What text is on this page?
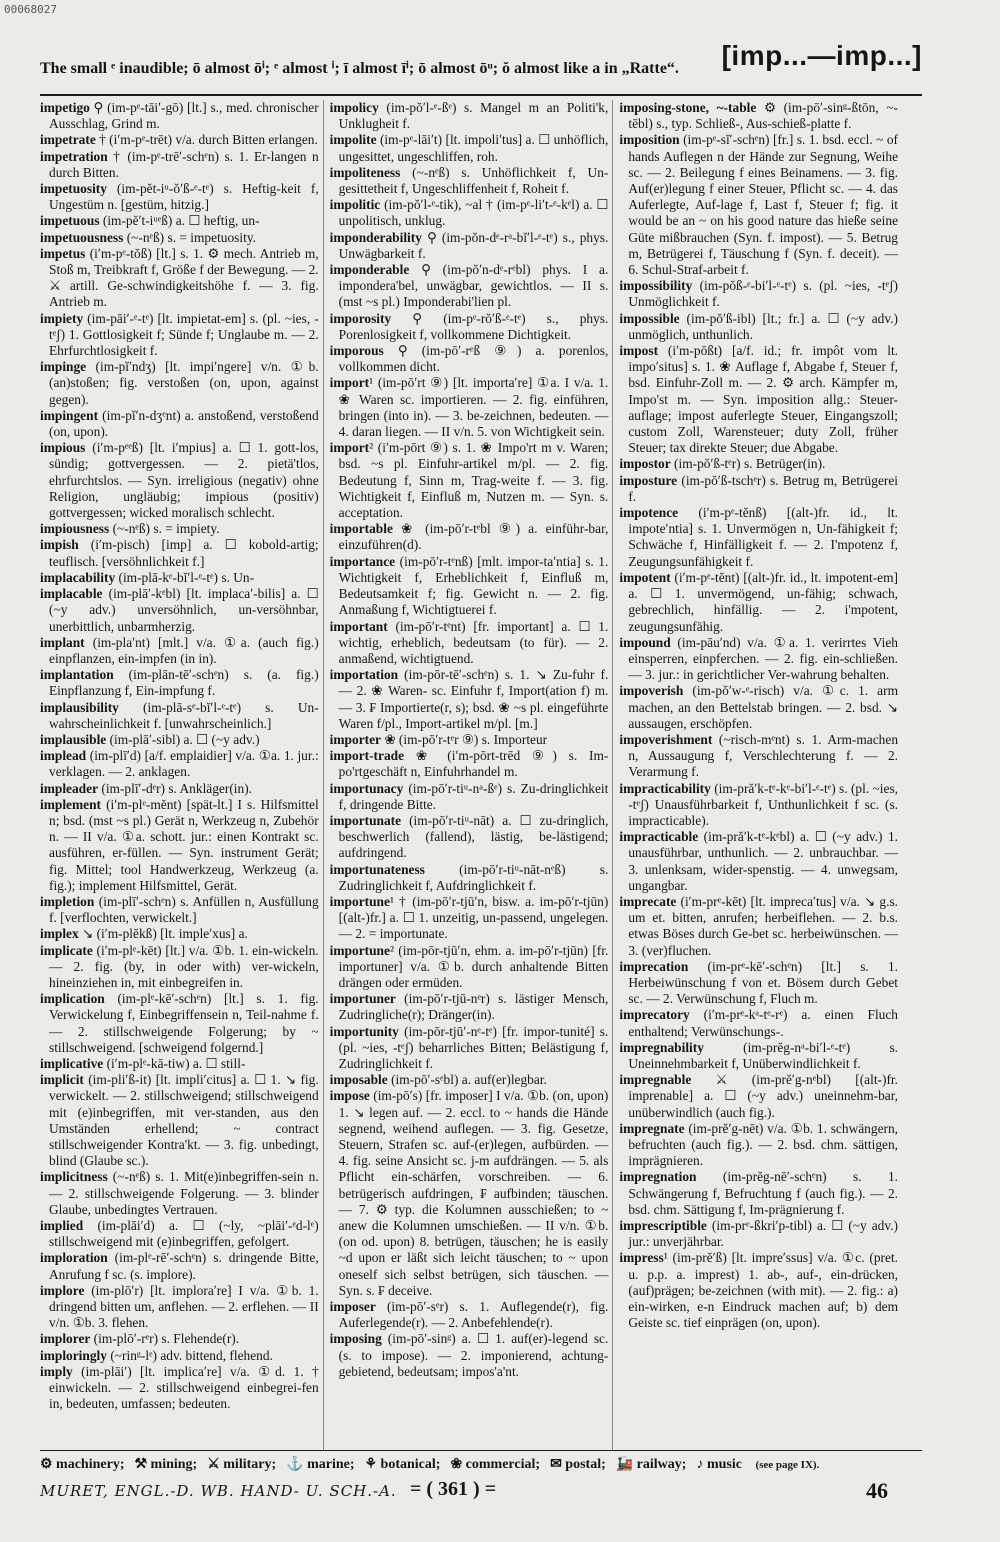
00068027
The small ᵉ inaudible; ō almost ōⁱ; ᵉ almost ⁱ; ī almost īⁱ; ō almost ōᵘ; ŏ almost like a in „Ratte“.	[imp...—imp...]

impetigo ⚲ (im-pᵉ-tāiʹ-gō) [lt.] s., med. chronischer Ausschlag, Grind m.

impetrate † (iʹm-pᵉ-trēt) v/a. durch Bitten erlangen.

impetration † (im-pᵉ-trēʹ-schᵉn) s. 1. Er-langen n durch Bitten.

impetuosity (im-pĕt-iᵘ-ŏʹß-ᵉ-tᵉ) s. Heftig-keit f, Ungestüm n. [gestüm, hitzig.]

impetuous (im-pĕʹt-iᵘᵉß) a. ☐ heftig, un-

impetuousness (~-nᵉß) s. = impetuosity.

impetus (iʹm-pᵉ-tŏß) [lt.] s. 1. ⚙ mech. Antrieb m, Stoß m, Treibkraft f, Größe f der Bewegung. — 2. ⚔ artill. Ge-schwindigkeitshöhe f. — 3. fig. Antrieb m.

impiety (im-pāiʹ-ᵉ-tᵉ) [lt. impietat-em] s. (pl. ~ies, -tᵉʃ) 1. Gottlosigkeit f; Sünde f; Unglaube m. — 2. Ehrfurchtlosigkeit f.

impinge (im-pĭʹndʒ) [lt. impiʹngere] v/n. ①b. (an)stoßen; fig. verstoßen (on, upon, against gegen).

impingent (im-pĭʹn-dʒᵉnt) a. anstoßend, verstoßend (on, upon).

impious (iʹm-pᵉᵉß) [lt. iʹmpius] a. ☐ 1. gott-los, sündig; gottvergessen. — 2. pietä'tlos, ehrfurchtslos. — Syn. irreligious (negativ) ohne Religion, ungläubig; impious (positiv) gottvergessen; wicked moralisch schlecht.

impiousness (~-nᵉß) s. = impiety.

impish (iʹm-pisch) [imp] a. ☐ kobold-artig; teuflisch. [versöhnlichkeit f.]

implacability (im-plā-kᵉ-bĭʹl-ᵉ-tᵉ) s. Un-

implacable (im-plāʹ-kᵉbl) [lt. implacaʹ-bilis] a. ☐ (~y adv.) unversöhnlich, un-versöhnbar, unerbittlich, unbarmherzig.

implant (im-plaʹnt) [mlt.] v/a. ①a. (auch fig.) einpflanzen, ein-impfen (in in).

implantation (im-plān-tēʹ-schᵉn) s. (a. fig.) Einpflanzung f, Ein-impfung f.

implausibility (im-plā-sᵉ-bĭʹl-ᵉ-tᵉ) s. Un-wahrscheinlichkeit f. [unwahrscheinlich.]

implausible (im-plāʹ-sibl) a. ☐ (~y adv.)

implead (im-plīʹd) [a/f. emplaidier] v/a. ①a. 1. jur.: verklagen. — 2. anklagen.

impleader (im-plīʹ-dᵉr) s. Ankläger(in).

implement (iʹm-plᵉ-mĕnt) [spät-lt.] I s. Hilfsmittel n; bsd. (mst ~s pl.) Gerät n, Werkzeug n, Zubehör n. — II v/a. ①a. schott. jur.: einen Kontrakt sc. ausführen, er-füllen. — Syn. instrument Gerät; fig. Mittel; tool Handwerkzeug, Werkzeug (a. fig.); implement Hilfsmittel, Gerät.

impletion (im-plīʹ-schᵉn) s. Anfüllen n, Ausfüllung f. [verflochten, verwickelt.]

implex ↘ (iʹm-plĕkß) [lt. impleʹxus] a.

implicate (iʹm-plᵉ-kēt) [lt.] v/a. ①b. 1. ein-wickeln. — 2. fig. (by, in oder with) ver-wickeln, hineinziehen in, mit einbegreifen in.

implication (im-plᵉ-kēʹ-schᵉn) [lt.] s. 1. fig. Verwickelung f, Einbegriffensein n, Teil-nahme f. — 2. stillschweigende Folgerung; by ~ stillschweigend. [schweigend folgernd.]

implicative (iʹm-plᵉ-kā-tiw) a. ☐ still-

implicit (im-pliʹß-it) [lt. impliʹcitus] a. ☐ 1. ↘ fig. verwickelt. — 2. stillschweigend; stillschweigend mit (e)inbegriffen, mit ver-standen, aus den Umständen erhellend; ~ contract stillschweigender Kontra'kt. — 3. fig. unbedingt, blind (Glaube sc.).

implicitness (~-nᵉß) s. 1. Mit(e)inbegriffen-sein n. — 2. stillschweigende Folgerung. — 3. blinder Glaube, unbedingtes Vertrauen.

implied (im-plāiʹd) a. ☐ (~ly, ~plāiʹ-ᵉd-lᵉ) stillschweigend mit (e)inbegriffen, gefolgert.

imploration (im-plᵉ-rēʹ-schᵉn) s. dringende Bitte, Anrufung f sc. (s. implore).

implore (im-plōʹr) [lt. imploraʹre] I v/a. ①b. 1. dringend bitten um, anflehen. — 2. erflehen. — II v/n. ①b. 3. flehen.

implorer (im-plōʹ-rᵉr) s. Flehende(r).

imploringly (~rinᵍ-lᵉ) adv. bittend, flehend.

imply (im-plāiʹ) [lt. implicaʹre] v/a. ①d. 1. † einwickeln. — 2. stillschweigend einbegrei-fen in, bedeuten, umfassen; bedeuten.

impolicy (im-pŏʹl-ᵉ-ßᵉ) s. Mangel m an Politi'k, Unklugheit f.

impolite (im-pᵉ-lāiʹt) [lt. impoliʹtus] a. ☐ unhöflich, ungesittet, ungeschliffen, roh.

impoliteness (~-nᵉß) s. Unhöflichkeit f, Un-gesittetheit f, Ungeschliffenheit f, Roheit f.

impolitic (im-pŏʹl-ᵉ-tik), ~al † (im-pᵉ-liʹt-ᵉ-kᵉl) a. ☐ unpolitisch, unklug.

imponderability ⚲ (im-pŏn-dᵉ-rᵃ-bĭʹl-ᵉ-tᵉ) s., phys. Unwägbarkeit f.

imponderable ⚲ (im-pŏʹn-dᵉ-rᵉbl) phys. I a. impondera'bel, unwägbar, gewichtlos. — II s. (mst ~s pl.) Imponderabi'lien pl.

imporosity ⚲ (im-pᵉ-rŏʹß-ᵉ-tᵉ) s., phys. Porenlosigkeit f, vollkommene Dichtigkeit.

imporous ⚲ (im-pōʹ-rᵉß ⑨) a. porenlos, vollkommen dicht.

import¹ (im-pōʹrt ⑨) [lt. importaʹre] ①a. I v/a. 1. ❀ Waren sc. importieren. — 2. fig. einführen, bringen (into in). — 3. be-zeichnen, bedeuten. — 4. daran liegen. — II v/n. 5. von Wichtigkeit sein.

import² (iʹm-pōrt ⑨) s. 1. ❀ Impo'rt m v. Waren; bsd. ~s pl. Einfuhr-artikel m/pl. — 2. fig. Bedeutung f, Sinn m, Trag-weite f. — 3. fig. Wichtigkeit f, Einfluß m, Nutzen m. — Syn. s. acceptation.

importable ❀ (im-pōʹr-tᵉbl ⑨) a. einführ-bar, einzuführen(d).

importance (im-pōʹr-tᵉnß) [mlt. impor-taʹntia] s. 1. Wichtigkeit f, Erheblichkeit f, Einfluß m, Bedeutsamkeit f; fig. Gewicht n. — 2. fig. Anmaßung f, Wichtigtuerei f.

important (im-pōʹr-tᵉnt) [fr. important] a. ☐ 1. wichtig, erheblich, bedeutsam (to für). — 2. anmaßend, wichtigtuend.

importation (im-pōr-tēʹ-schᵉn) s. 1. ↘ Zu-fuhr f. — 2. ❀ Waren- sc. Einfuhr f, Import(ation f) m. — 3. ₣ Importierte(r, s); bsd. ❀ ~s pl. eingeführte Waren f/pl., Import-artikel m/pl. [m.]

importer ❀ (im-pōʹr-tᵉr ⑨) s. Importeur

import-trade ❀ (iʹm-pōrt-trēd ⑨) s. Im-po'rtgeschäft n, Einfuhrhandel m.

importunacy (im-pōʹr-tiᵘ-nᵃ-ßᵉ) s. Zu-dringlichkeit f, dringende Bitte.

importunate (im-pōʹr-tiᵘ-nāt) a. ☐ zu-dringlich, beschwerlich (fallend), lästig, be-lästigend; aufdringend.

importunateness (im-pōʹr-tiᵘ-nāt-nᵉß) s. Zudringlichkeit f, Aufdringlichkeit f.

importune¹ † (im-pōʹr-tjūʹn, bisw. a. im-pōʹr-tjūn) [(alt-)fr.] a. ☐ 1. unzeitig, un-passend, ungelegen. — 2. = importunate.

importune² (im-pōr-tjūʹn, ehm. a. im-pōʹr-tjūn) [fr. importuner] v/a. ①b. durch anhaltende Bitten drängen oder ermüden.

importuner (im-pōʹr-tjū-nᵉr) s. lästiger Mensch, Zudringliche(r); Dränger(in).

importunity (im-pōr-tjūʹ-nᵉ-tᵉ) [fr. impor-tunité] s. (pl. ~ies, -tᵉʃ) beharrliches Bitten; Belästigung f, Zudringlichkeit f.

imposable (im-pōʹ-sᵉbl) a. auf(er)legbar.

impose (im-pōʹs) [fr. imposer] I v/a. ①b. (on, upon) 1. ↘ legen auf. — 2. eccl. to ~ hands die Hände segnend, weihend auflegen. — 3. fig. Gesetze, Steuern, Strafen sc. auf-(er)legen, aufbürden. — 4. fig. seine Ansicht sc. j-m aufdrängen. — 5. als Pflicht ein-schärfen, vorschreiben. — 6. betrügerisch aufdringen, ₣ aufbinden; täuschen. — 7. ⚙ typ. die Kolumnen ausschießen; to ~ anew die Kolumnen umschießen. — II v/n. ①b. (on od. upon) 8. betrügen, täuschen; he is easily ~d upon er läßt sich leicht täuschen; to ~ upon oneself sich selbst betrügen, sich täuschen. — Syn. s. ₣ deceive.

imposer (im-pōʹ-sᵉr) s. 1. Auflegende(r), fig. Auferlegende(r). — 2. Anbefehlende(r).

imposing (im-pōʹ-sinᵍ) a. ☐ 1. auf(er)-legend sc. (s. to impose). — 2. imponierend, achtung-gebietend, bedeutsam; impos'a'nt.

imposing-stone, ~-table ⚙ (im-pōʹ-sinᵍ-ßtōn, ~-tēbl) s., typ. Schließ-, Aus-schieß-platte f.

imposition (im-pᵉ-sĭʹ-schᵉn) [fr.] s. 1. bsd. eccl. ~ of hands Auflegen n der Hände zur Segnung, Weihe sc. — 2. Beilegung f eines Beinamens. — 3. fig. Auf(er)legung f einer Steuer, Pflicht sc. — 4. das Auferlegte, Auf-lage f, Last f, Steuer f; fig. it would be an ~ on his good nature das hieße seine Güte mißbrauchen (Syn. f. impost). — 5. Betrug m, Betrügerei f, Täuschung f (Syn. f. deceit). — 6. Schul-Straf-arbeit f.

impossibility (im-pŏß-ᵉ-biʹl-ᵉ-tᵉ) s. (pl. ~ies, -tᵉʃ) Unmöglichkeit f.

impossible (im-pŏʹß-ibl) [lt.; fr.] a. ☐ (~y adv.) unmöglich, unthunlich.

impost (iʹm-pōßt) [a/f. id.; fr. impôt vom lt. impoʹsitus] s. 1. ❀ Auflage f, Abgabe f, Steuer f, bsd. Einfuhr-Zoll m. — 2. ⚙ arch. Kämpfer m, Impo'st m. — Syn. imposition allg.: Steuer-auflage; impost auferlegte Steuer, Eingangszoll; custom Zoll, Warensteuer; duty Zoll, früher Steuer; tax direkte Steuer; due Abgabe.

impostor (im-pŏʹß-tᵉr) s. Betrüger(in).

imposture (im-pŏʹß-tschᵉr) s. Betrug m, Betrügerei f.

impotence (iʹm-pᵉ-tĕnß) [(alt-)fr. id., lt. impoteʹntia] s. 1. Unvermögen n, Un-fähigkeit f; Schwäche f, Hinfälligkeit f. — 2. I'mpotenz f, Zeugungsunfähigkeit f.

impotent (iʹm-pᵉ-tĕnt) [(alt-)fr. id., lt. impotent-em] a. ☐ 1. unvermögend, un-fähig; schwach, gebrechlich, hinfällig. — 2. i'mpotent, zeugungsunfähig.

impound (im-pāuʹnd) v/a. ①a. 1. verirrtes Vieh einsperren, einpferchen. — 2. fig. ein-schließen. — 3. jur.: in gerichtlicher Ver-wahrung behalten.

impoverish (im-pŏʹw-ᵉ-risch) v/a. ①c. 1. arm machen, an den Bettelstab bringen. — 2. bsd. ↘ aussaugen, erschöpfen.

impoverishment (~risch-mᵉnt) s. 1. Arm-machen n, Aussaugung f, Verschlechterung f. — 2. Verarmung f.

impracticability (im-prăʹk-tᵉ-kᵉ-biʹl-ᵉ-tᵉ) s. (pl. ~ies, -tᵉʃ) Unausführbarkeit f, Unthunlichkeit f sc. (s. impracticable).

impracticable (im-prăʹk-tᵉ-kᵉbl) a. ☐ (~y adv.) 1. unausführbar, unthunlich. — 2. unbrauchbar. — 3. unlenksam, wider-spenstig. — 4. unwegsam, ungangbar.

imprecate (iʹm-prᵉ-kēt) [lt. imprecaʹtus] v/a. ↘ g.s. um et. bitten, anrufen; herbeiflehen. — 2. b.s. etwas Böses durch Ge-bet sc. herbeiwünschen. — 3. (ver)fluchen.

imprecation (im-prᵉ-kēʹ-schᵉn) [lt.] s. 1. Herbeiwünschung f von et. Bösem durch Gebet sc. — 2. Verwünschung f, Fluch m.

imprecatory (iʹm-prᵉ-kᵃ-tᵉ-rᵉ) a. einen Fluch enthaltend; Verwünschungs-.

impregnability (im-prĕg-nᵃ-biʹl-ᵉ-tᵉ) s. Uneinnehmbarkeit f, Unüberwindlichkeit f.

impregnable ⚔ (im-prĕʹg-nᵉbl) [(alt-)fr. imprenable] a. ☐ (~y adv.) uneinnehm-bar, unüberwindlich (auch fig.).

impregnate (im-prĕʹg-nēt) v/a. ①b. 1. schwängern, befruchten (auch fig.). — 2. bsd. chm. sättigen, imprägnieren.

impregnation (im-prĕg-nēʹ-schᵉn) s. 1. Schwängerung f, Befruchtung f (auch fig.). — 2. bsd. chm. Sättigung f, Im-prägnierung f.

imprescriptible (im-prᵉ-ßkriʹp-tibl) a. ☐ (~y adv.) jur.: unverjährbar.

impress¹ (im-prĕʹß) [lt. impreʹssus] v/a. ①c. (pret. u. p.p. a. imprest) 1. ab-, auf-, ein-drücken, (auf)prägen; be-zeichnen (with mit). — 2. fig.: a) ein-wirken, e-n Eindruck machen auf; b) dem Geiste sc. tief einprägen (on, upon).

⚙ machinery; ⚒ mining; ⚔ military; ⚓ marine; ⚘ botanical; ❀ commercial; ✉ postal; 🚂 railway; ♪ music (see page IX).
MURET, ENGL.-D. WB. HAND- U. SCH.-A. = ( 361 ) =	46
